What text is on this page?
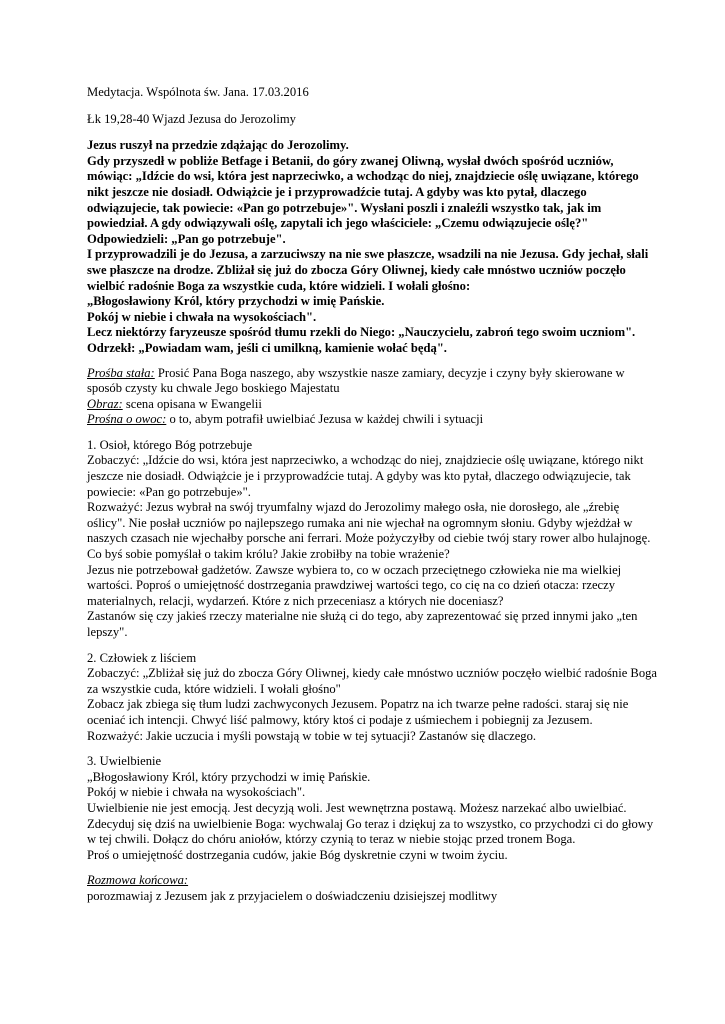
Medytacja. Wspólnota św. Jana. 17.03.2016
Łk 19,28-40 Wjazd Jezusa do Jerozolimy
Jezus ruszył na przedzie zdążając do Jerozolimy.
Gdy przyszedł w pobliże Betfage i Betanii, do góry zwanej Oliwną, wysłał dwóch spośród uczniów,
mówiąc: „Idźcie do wsi, która jest naprzeciwko, a wchodząc do niej, znajdziecie oślę uwiązane, którego
nikt jeszcze nie dosiadł. Odwiążcie je i przyprowadźcie tutaj. A gdyby was kto pytał, dlaczego
odwiązujecie, tak powiecie: «Pan go potrzebuje»". Wysłani poszli i znaleźli wszystko tak, jak im
powiedział. A gdy odwiązywali oślę, zapytali ich jego właściciele: „Czemu odwiązujecie oślę?"
Odpowiedzieli: „Pan go potrzebuje".
I przyprowadzili je do Jezusa, a zarzuciwszy na nie swe płaszcze, wsadzili na nie Jezusa. Gdy jechał, słali
swe płaszcze na drodze. Zbliżał się już do zbocza Góry Oliwnej, kiedy całe mnóstwo uczniów poczęło
wielbić radośnie Boga za wszystkie cuda, które widzieli. I wołali głośno:
„Błogosławiony Król, który przychodzi w imię Pańskie.
Pokój w niebie i chwała na wysokościach".
Lecz niektórzy faryzeusze spośród tłumu rzekli do Niego: „Nauczycielu, zabroń tego swoim uczniom".
Odrzekł: „Powiadam wam, jeśli ci umilkną, kamienie wołać będą".
Prośba stała: Prosić Pana Boga naszego, aby wszystkie nasze zamiary, decyzje i czyny były skierowane w
sposób czysty ku chwale Jego boskiego Majestatu
Obraz: scena opisana w Ewangelii
Prośna o owoc: o to, abym potrafił uwielbiać Jezusa w każdej chwili i sytuacji
1. Osioł, którego Bóg potrzebuje
Zobaczyć: „Idźcie do wsi, która jest naprzeciwko, a wchodząc do niej, znajdziecie oślę uwiązane, którego nikt
jeszcze nie dosiadł. Odwiążcie je i przyprowadźcie tutaj. A gdyby was kto pytał, dlaczego odwiązujecie, tak
powiecie: «Pan go potrzebuje»".
Rozważyć: Jezus wybrał na swój tryumfalny wjazd do Jerozolimy małego osła, nie dorosłego, ale „źrebię
oślicy". Nie posłał uczniów po najlepszego rumaka ani nie wjechał na ogromnym słoniu. Gdyby wjeżdżał w
naszych czasach nie wjechałby porsche ani ferrari. Może pożyczyłby od ciebie twój stary rower albo hulajnogę.
Co byś sobie pomyślał o takim królu? Jakie zrobiłby na tobie wrażenie?
Jezus nie potrzebował gadżetów. Zawsze wybiera to, co w oczach przeciętnego człowieka nie ma wielkiej
wartości. Poproś o umiejętność dostrzegania prawdziwej wartości tego, co cię na co dzień otacza: rzeczy
materialnych, relacji, wydarzeń. Które z nich przeceniasz a których nie doceniasz?
Zastanów się czy jakieś rzeczy materialne nie służą ci do tego, aby zaprezentować się przed innymi jako „ten
lepszy".
2. Człowiek z liściem
Zobaczyć: „Zbliżał się już do zbocza Góry Oliwnej, kiedy całe mnóstwo uczniów poczęło wielbić radośnie Boga
za wszystkie cuda, które widzieli. I wołali głośno"
Zobacz jak zbiega się tłum ludzi zachwyconych Jezusem. Popatrz na ich twarze pełne radości. staraj się nie
oceniać ich intencji. Chwyć liść palmowy, który ktoś ci podaje z uśmiechem i pobiegnij za Jezusem.
Rozważyć: Jakie uczucia i myśli powstają w tobie w tej sytuacji? Zastanów się dlaczego.
3. Uwielbienie
„Błogosławiony Król, który przychodzi w imię Pańskie.
Pokój w niebie i chwała na wysokościach".
Uwielbienie nie jest emocją. Jest decyzją woli. Jest wewnętrzna postawą. Możesz narzekać albo uwielbiać.
Zdecyduj się dziś na uwielbienie Boga: wychwalaj Go teraz i dziękuj za to wszystko, co przychodzi ci do głowy
w tej chwili. Dołącz do chóru aniołów, którzy czynią to teraz w niebie stojąc przed tronem Boga.
Proś o umiejętność dostrzegania cudów, jakie Bóg dyskretnie czyni w twoim życiu.
Rozmowa końcowa:
porozmawiaj z Jezusem jak z przyjacielem o doświadczeniu dzisiejszej modlitwy
